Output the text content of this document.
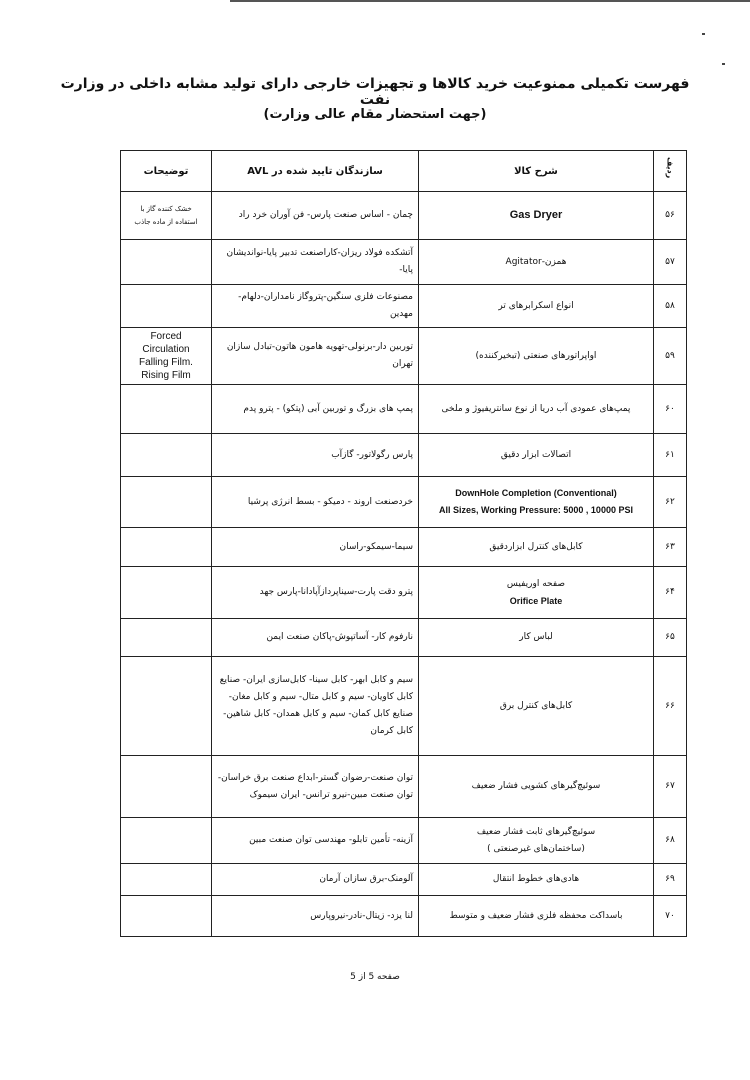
فهرست تکمیلی ممنوعیت خرید کالاها و تجهیزات خارجی دارای تولید مشابه داخلی در وزارت نفت
(جهت استحضار مقام عالی وزارت)
ردیف	شرح کالا	سازندگان تایید شده در AVL	توضیحات
۵۶	Gas Dryer	چمان - اساس صنعت پارس- فن آوران خرد راد	خشک کننده گاز با
استفاده از ماده جاذب

۵۷	همزن-Agitator	آتشکده فولاد ریزان-کاراصنعت تدبیر پایا-نواندیشان پایا-	
۵۸	انواع اسکرابرهای تر	مصنوعات فلزی سنگین-پتروگاز نامداران-دلهام-مهدین	
۵۹	اواپراتورهای صنعتی (تبخیرکننده)	توربین دار-برنولی-تهویه هامون هاتون-تبادل سازان تهران	Forced
Circulation
Falling Film.
Rising Film

۶۰	پمپ‌های عمودی آب دریا از نوع سانتریفیوژ و ملخی	پمپ های بزرگ و توربین آبی (پتکو) - پترو پدم	
۶۱	اتصالات ابزار دقیق	پارس رگولاتور- گازآب	
۶۲	DownHole Completion (Conventional)
All Sizes, Working Pressure: 5000 , 10000 PSI	خردصنعت اروند - دمیکو - بسط انرژی پرشیا	
۶۳	کابل‌های کنترل ابزاردقیق	سیما-سیمکو-راسان	
۶۴	صفحه اوریفیس
Orifice Plate	پترو دقت پارت-سیناپردازآپادانا-پارس جهد	
۶۵	لباس کار	نارفوم کار- آساتپوش-پاکان صنعت ایمن	
۶۶	کابل‌های کنترل برق	سیم و کابل ابهر- کابل سینا- کابل‌سازی ایران- صنایع کابل کاویان- سیم و کابل متال- سیم و کابل مغان- صنایع کابل کمان- سیم و کابل همدان- کابل شاهین-کابل کرمان	
۶۷	سوئیچ‌گیرهای کشویی فشار ضعیف	توان صنعت-رضوان گستر-ابداع صنعت برق خراسان- توان صنعت مبین-نیرو ترانس- ایران سیموک	
۶۸	سوئیچ‌گیرهای ثابت فشار ضعیف
(ساختمان‌های غیرصنعتی )	آزینه- تأمین تابلو- مهندسی توان صنعت مبین	
۶۹	هادی‌های خطوط انتقال	آلومنک-برق سازان آرمان	
۷۰	باسداکت محفظه فلزی فشار ضعیف و متوسط	لنا یزد- زیتال-نادر-نیروپارس	
صفحه 5 از 5
